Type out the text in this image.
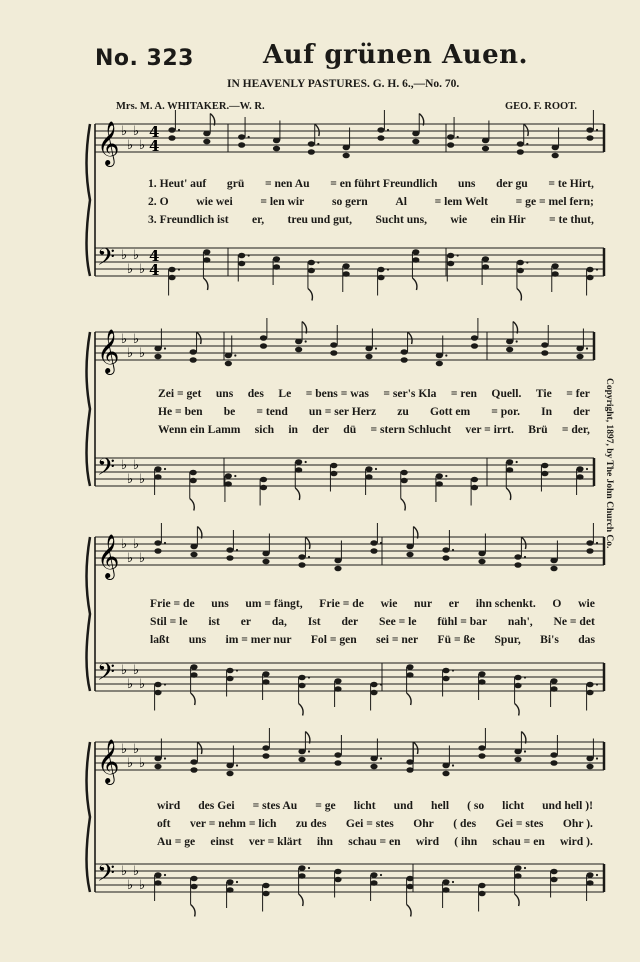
No. 323	Auf grünen Auen.
IN HEAVENLY PASTURES. G. H. 6.,—No. 70.
Mrs. M. A. WHITAKER.—W. R.	GEO. F. ROOT.
Copyright, 1897, by The John Church Co.
𝄞 ♭
♭
♭
♭
𝄢 ♭
♭
♭
♭
𝄞 ♭
♭
♭
♭
𝄢 ♭
♭
♭
♭
𝄞 ♭
♭
♭
♭
𝄢 ♭
♭
♭
♭
𝄞 ♭
♭
♭
♭
𝄢 ♭
♭
♭
♭
4
4
4
4
1. Heut' auf grü = nen Au = en führt Freundlich uns der gu = te Hirt,
2. O wie wei = len wir so gern Al = lem Welt = ge = mel fern;
3. Freundlich ist er, treu und gut, Sucht uns, wie ein Hir = te thut,
Zei = get uns des Le = bens = was = ser's Kla = ren Quell. Tie = fer
He = ben be = tend un = ser Herz zu Gott em = por. In der
Wenn ein Lamm sich in der dü = stern Schlucht ver = irrt. Brü = der,
Frie = de uns um = fängt, Frie = de wie nur er ihn schenkt. O wie
Stil = le ist er da, Ist der See = le fühl = bar nah', Ne = det
laßt uns im = mer nur Fol = gen sei = ner Fü = ße Spur, Bi's das
wird des Gei = stes Au = ge licht und hell ( so licht und hell )!
oft ver = nehm = lich zu des Gei = stes Ohr ( des Gei = stes Ohr ).
Au = ge einst ver = klärt ihn schau = en wird ( ihn schau = en wird ).
